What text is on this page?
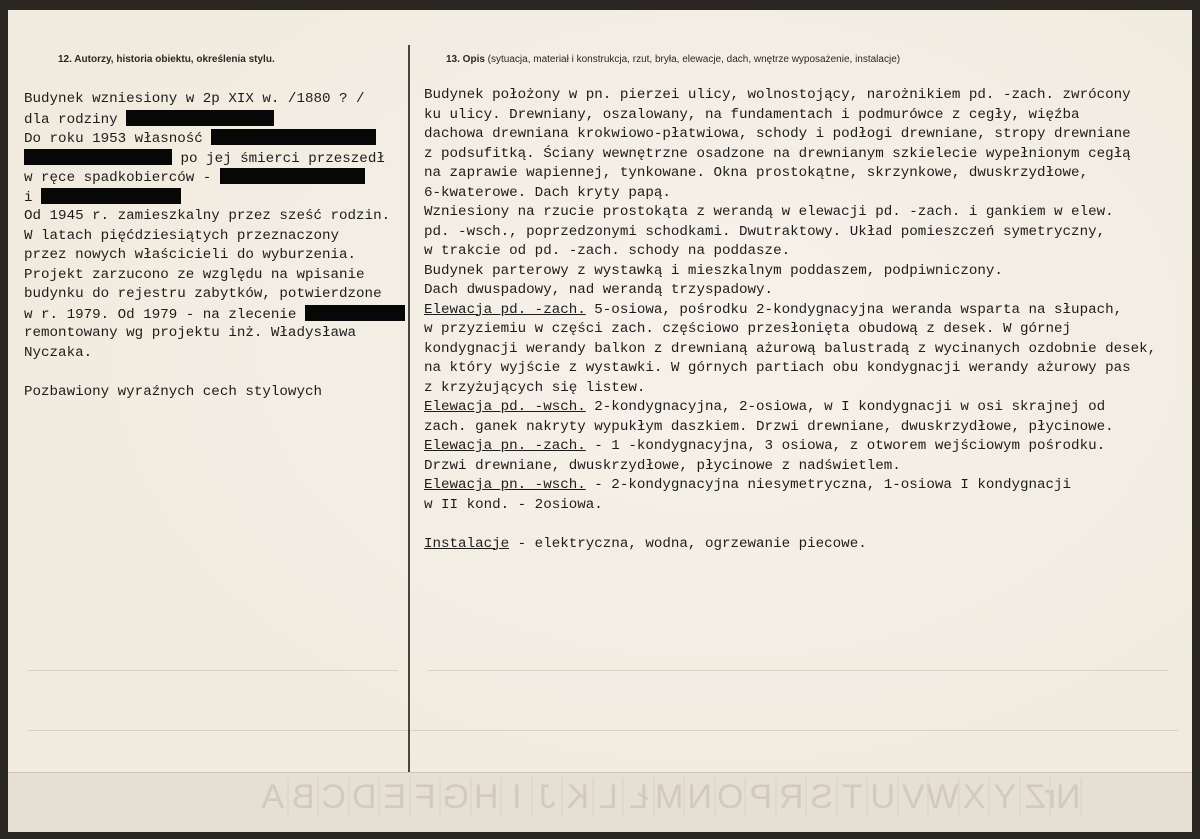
12. Autorzy, historia obiektu, określenia stylu.	13. Opis (sytuacja, materiał i konstrukcja, rzut, bryła, elewacje, dach, wnętrze wyposażenie, instalacje)
Budynek wzniesiony w 2p XIX w. /1880 ? /
dla rodziny
Do roku 1953 własność
po jej śmierci przeszedł
w ręce spadkobierców -
i
Od 1945 r. zamieszkalny przez sześć rodzin.
W latach pięćdziesiątych przeznaczony
przez nowych właścicieli do wyburzenia.
Projekt zarzucono ze względu na wpisanie
budynku do rejestru zabytków, potwierdzone
w r. 1979. Od 1979 - na zlecenie
remontowany wg projektu inż. Władysława
Nyczaka.
Pozbawiony wyraźnych cech stylowych
Budynek położony w pn. pierzei ulicy, wolnostojący, narożnikiem pd. -zach. zwrócony
ku ulicy. Drewniany, oszalowany, na fundamentach i podmurówce z cegły, więźba
dachowa drewniana krokwiowo-płatwiowa, schody i podłogi drewniane, stropy drewniane
z podsufitką. Ściany wewnętrzne osadzone na drewnianym szkielecie wypełnionym cegłą
na zaprawie wapiennej, tynkowane. Okna prostokątne, skrzynkowe, dwuskrzydłowe,
6-kwaterowe. Dach kryty papą.
Wzniesiony na rzucie prostokąta z werandą w elewacji pd. -zach. i gankiem w elew.
pd. -wsch., poprzedzonymi schodkami. Dwutraktowy. Układ pomieszczeń symetryczny,
w trakcie od pd. -zach. schody na poddasze.
Budynek parterowy z wystawką i mieszkalnym poddaszem, podpiwniczony.
Dach dwuspadowy, nad werandą trzyspadowy.
Elewacja pd. -zach. 5-osiowa, pośrodku 2-kondygnacyjna weranda wsparta na słupach,
w przyziemiu w części zach. częściowo przesłonięta obudową z desek. W górnej
kondygnacji werandy balkon z drewnianą ażurową balustradą z wycinanych ozdobnie desek,
na który wyjście z wystawki. W górnych partiach obu kondygnacji werandy ażurowy pas
z krzyżujących się listew.
Elewacja pd. -wsch. 2-kondygnacyjna, 2-osiowa, w I kondygnacji w osi skrajnej od
zach. ganek nakryty wypukłym daszkiem. Drzwi drewniane, dwuskrzydłowe, płycinowe.
Elewacja pn. -zach. - 1 -kondygnacyjna, 3 osiowa, z otworem wejściowym pośrodku.
Drzwi drewniane, dwuskrzydłowe, płycinowe z nadświetlem.
Elewacja pn. -wsch. - 2-kondygnacyjna niesymetryczna, 1-osiowa I kondygnacji
w II kond. - 2osiowa.
Instalacje - elektryczna, wodna, ogrzewanie piecowe.
Nr
Z
Y
X
W
V
U
T
S
R
P
O
N
M
Ł
L
K
J
I
H
G
F
E
D
C
B
A
